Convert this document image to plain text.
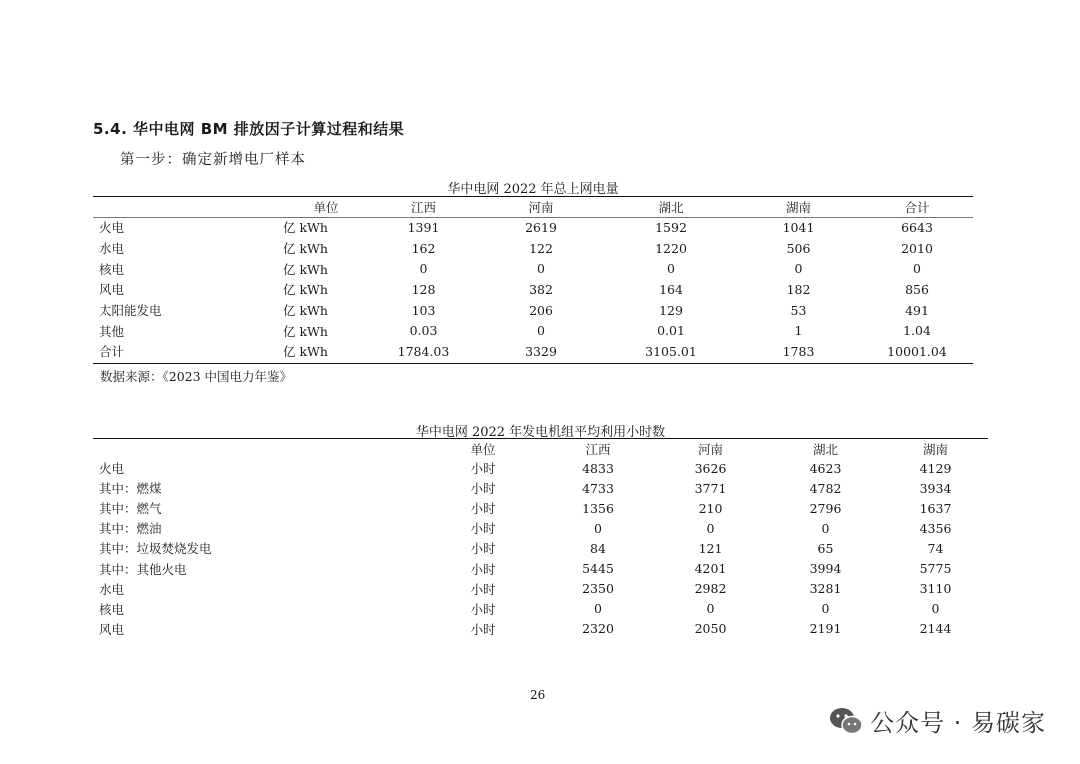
5.4. 华中电网 BM 排放因子计算过程和结果
第一步：确定新增电厂样本
华中电网 2022 年总上网电量
	单位	江西	河南	湖北	湖南	合计
火电	亿 kWh	1391	2619	1592	1041	6643
水电	亿 kWh	162	122	1220	506	2010
核电	亿 kWh	0	0	0	0	0
风电	亿 kWh	128	382	164	182	856
太阳能发电	亿 kWh	103	206	129	53	491
其他	亿 kWh	0.03	0	0.01	1	1.04
合计	亿 kWh	1784.03	3329	3105.01	1783	10001.04
数据来源：《2023 中国电力年鉴》
华中电网 2022 年发电机组平均利用小时数
	单位	江西	河南	湖北	湖南
火电	小时	4833	3626	4623	4129
其中：燃煤	小时	4733	3771	4782	3934
其中：燃气	小时	1356	210	2796	1637
其中：燃油	小时	0	0	0	4356
其中：垃圾焚烧发电	小时	84	121	65	74
其中：其他火电	小时	5445	4201	3994	5775
水电	小时	2350	2982	3281	3110
核电	小时	0	0	0	0
风电	小时	2320	2050	2191	2144
26
公众号 · 易碳家
